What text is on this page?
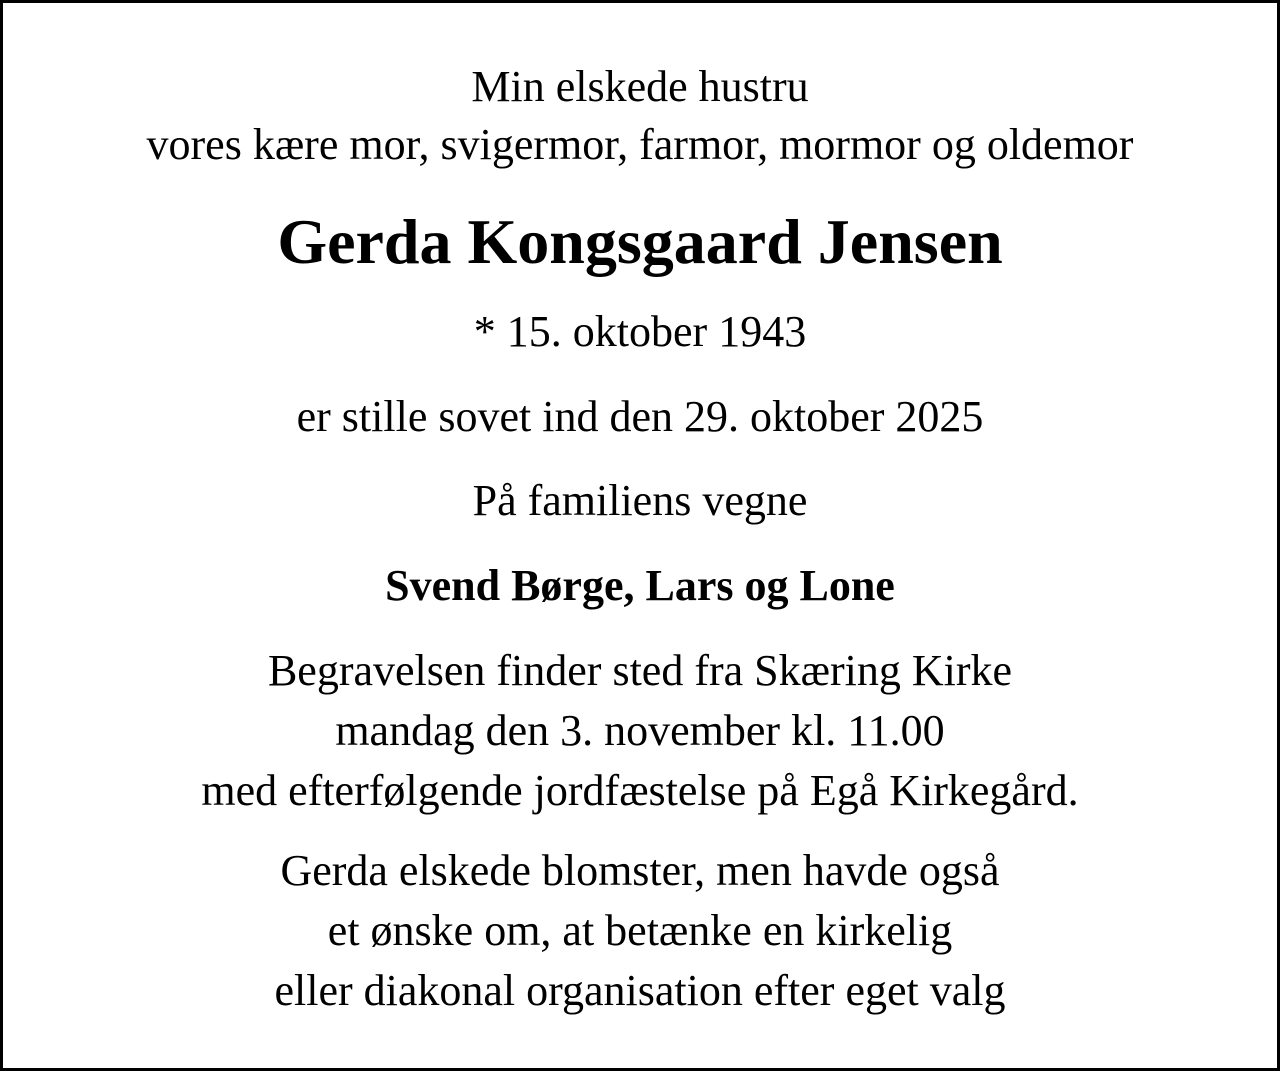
Min elskede hustru

vores kære mor, svigermor, farmor, mormor og oldemor

Gerda Kongsgaard Jensen

* 15. oktober 1943

er stille sovet ind den 29. oktober 2025

På familiens vegne

Svend Børge, Lars og Lone

Begravelsen finder sted fra Skæring Kirke

mandag den 3. november kl. 11.00

med efterfølgende jordfæstelse på Egå Kirkegård.

Gerda elskede blomster, men havde også

et ønske om, at betænke en kirkelig

eller diakonal organisation efter eget valg
